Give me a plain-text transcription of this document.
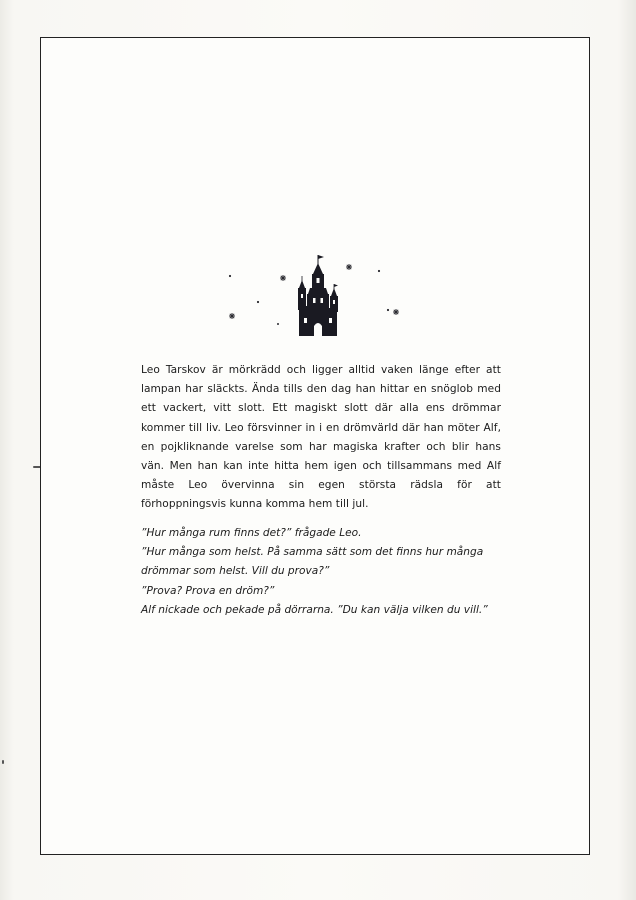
Leo Tarskov är mörkrädd och ligger alltid vaken länge efter att lampan har släckts. Ända tills den dag han hittar en snöglob med ett vackert, vitt slott. Ett magiskt slott där alla ens drömmar kommer till liv. Leo försvinner in i en drömvärld där han möter Alf, en pojkliknande varelse som har magiska krafter och blir hans vän. Men han kan inte hitta hem igen och tillsammans med Alf måste Leo övervinna sin egen största rädsla för att förhoppningsvis kunna komma hem till jul.

”Hur många rum finns det?” frågade Leo.
”Hur många som helst. På samma sätt som det finns hur många
drömmar som helst. Vill du prova?”
”Prova? Prova en dröm?”
Alf nickade och pekade på dörrarna. ”Du kan välja vilken du vill.”
